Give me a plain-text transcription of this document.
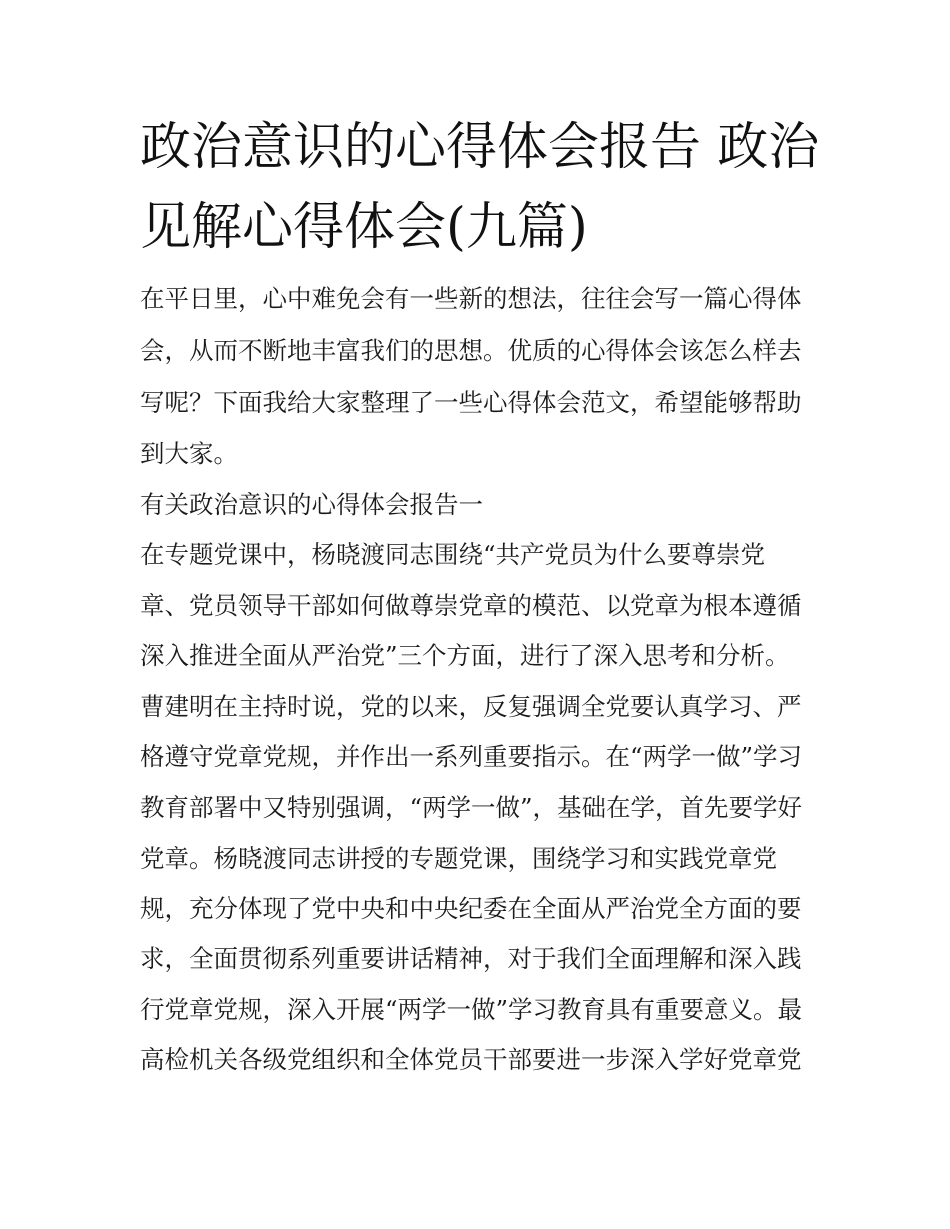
政治意识的心得体会报告 政治
见解心得体会(九篇)
在平日里，心中难免会有一些新的想法，往往会写一篇心得体
会，从而不断地丰富我们的思想。优质的心得体会该怎么样去
写呢？下面我给大家整理了一些心得体会范文，希望能够帮助
到大家。
有关政治意识的心得体会报告一
在专题党课中，杨晓渡同志围绕“共产党员为什么要尊崇党
章、党员领导干部如何做尊崇党章的模范、以党章为根本遵循
深入推进全面从严治党”三个方面，进行了深入思考和分析。
曹建明在主持时说，党的以来，反复强调全党要认真学习、严
格遵守党章党规，并作出一系列重要指示。在“两学一做”学习
教育部署中又特别强调，“两学一做”，基础在学，首先要学好
党章。杨晓渡同志讲授的专题党课，围绕学习和实践党章党
规，充分体现了党中央和中央纪委在全面从严治党全方面的要
求，全面贯彻系列重要讲话精神，对于我们全面理解和深入践
行党章党规，深入开展“两学一做”学习教育具有重要意义。最
高检机关各级党组织和全体党员干部要进一步深入学好党章党
